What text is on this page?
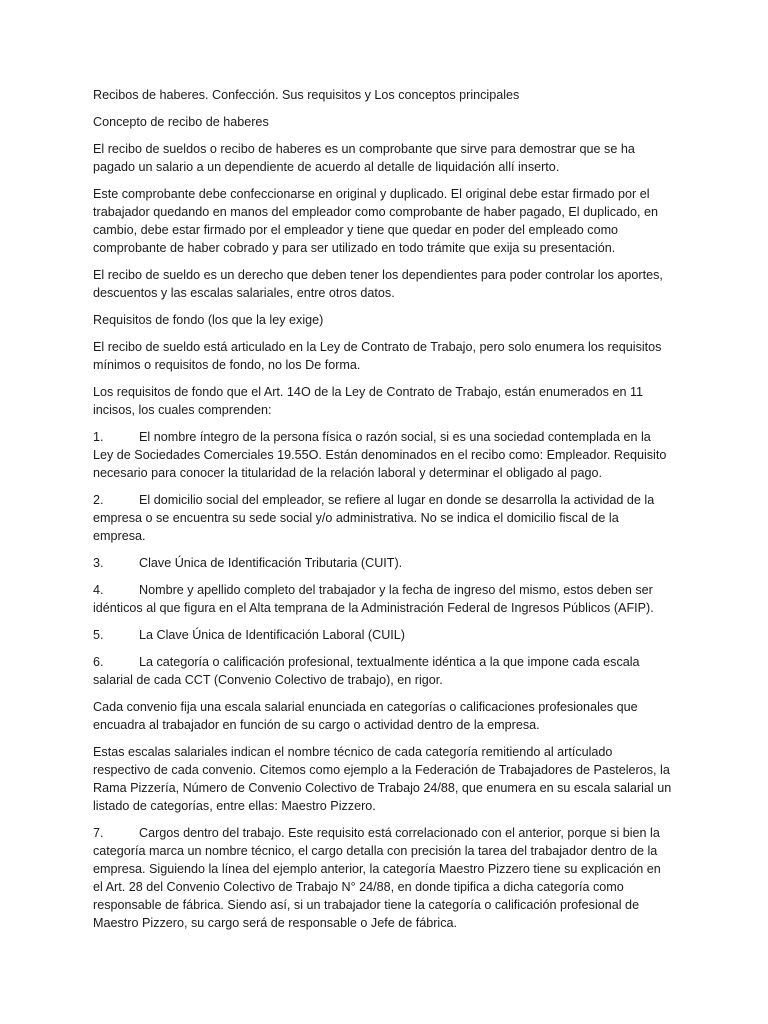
Recibos de haberes. Confección. Sus requisitos y Los conceptos principales

Concepto de recibo de haberes

El recibo de sueldos o recibo de haberes es un comprobante que sirve para demostrar que se ha pagado un salario a un dependiente de acuerdo al detalle de liquidación allí inserto.

Este comprobante debe confeccionarse en original y duplicado. El original debe estar firmado por el trabajador quedando en manos del empleador como comprobante de haber pagado, El duplicado, en cambio, debe estar firmado por el empleador y tiene que quedar en poder del empleado como comprobante de haber cobrado y para ser utilizado en todo trámite que exija su presentación.

El recibo de sueldo es un derecho que deben tener los dependientes para poder controlar los aportes, descuentos y las escalas salariales, entre otros datos.

Requisitos de fondo (los que la ley exige)

El recibo de sueldo está articulado en la Ley de Contrato de Trabajo, pero solo enumera los requisitos mínimos o requisitos de fondo, no los De forma.

Los requisitos de fondo que el Art. 14O de la Ley de Contrato de Trabajo, están enumerados en 11 incisos, los cuales comprenden:

1.	El nombre íntegro de la persona física o razón social, si es una sociedad contemplada en la Ley de Sociedades Comerciales 19.55O. Están denominados en el recibo como: Empleador. Requisito necesario para conocer la titularidad de la relación laboral y determinar el obligado al pago.

2.	El domicilio social del empleador, se refiere al lugar en donde se desarrolla la actividad de la empresa o se encuentra su sede social y/o administrativa. No se indica el domicilio fiscal de la empresa.

3.	Clave Única de Identificación Tributaria (CUIT).

4.	Nombre y apellido completo del trabajador y la fecha de ingreso del mismo, estos deben ser idénticos al que figura en el Alta temprana de la Administración Federal de Ingresos Públicos (AFIP).

5.	La Clave Única de Identificación Laboral (CUIL)

6.	La categoría o calificación profesional, textualmente idéntica a la que impone cada escala salarial de cada CCT (Convenio Colectivo de trabajo), en rigor.

Cada convenio fija una escala salarial enunciada en categorías o calificaciones profesionales que encuadra al trabajador en función de su cargo o actividad dentro de la empresa.

Estas escalas salariales indican el nombre técnico de cada categoría remitiendo al artículado respectivo de cada convenio. Citemos como ejemplo a la Federación de Trabajadores de Pasteleros, la Rama Pizzería, Número de Convenio Colectivo de Trabajo 24/88, que enumera en su escala salarial un listado de categorías, entre ellas: Maestro Pizzero.

7.	Cargos dentro del trabajo. Este requisito está correlacionado con el anterior, porque si bien la categoría marca un nombre técnico, el cargo detalla con precisión la tarea del trabajador dentro de la empresa. Siguiendo la línea del ejemplo anterior, la categoría Maestro Pizzero tiene su explicación en el Art. 28 del Convenio Colectivo de Trabajo N° 24/88, en donde tipifica a dicha categoría como responsable de fábrica. Siendo así, si un trabajador tiene la categoría o calificación profesional de Maestro Pizzero, su cargo será de responsable o Jefe de fábrica.
